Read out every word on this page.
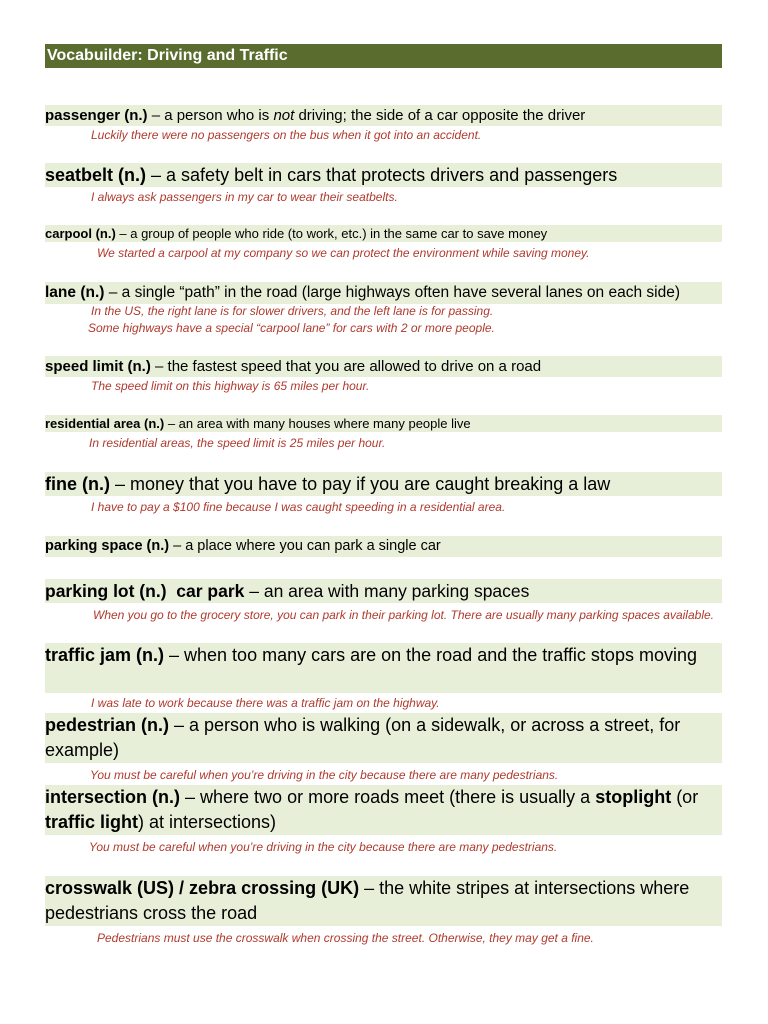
Vocabuilder: Driving and Traffic
passenger (n.) – a person who is not driving; the side of a car opposite the driver
Luckily there were no passengers on the bus when it got into an accident.
seatbelt (n.) – a safety belt in cars that protects drivers and passengers
I always ask passengers in my car to wear their seatbelts.
carpool (n.) – a group of people who ride (to work, etc.) in the same car to save money
We started a carpool at my company so we can protect the environment while saving money.
lane (n.) – a single “path” in the road (large highways often have several lanes on each side)
In the US, the right lane is for slower drivers, and the left lane is for passing.
Some highways have a special “carpool lane” for cars with 2 or more people.
speed limit (n.) – the fastest speed that you are allowed to drive on a road
The speed limit on this highway is 65 miles per hour.
residential area (n.) – an area with many houses where many people live
In residential areas, the speed limit is 25 miles per hour.
fine (n.) – money that you have to pay if you are caught breaking a law
I have to pay a $100 fine because I was caught speeding in a residential area.
parking space (n.) – a place where you can park a single car
parking lot (n.) car park – an area with many parking spaces
When you go to the grocery store, you can park in their parking lot. There are usually many parking spaces available.
traffic jam (n.) – when too many cars are on the road and the traffic stops moving
I was late to work because there was a traffic jam on the highway.
pedestrian (n.) – a person who is walking (on a sidewalk, or across a street, for example)
You must be careful when you’re driving in the city because there are many pedestrians.
intersection (n.) – where two or more roads meet (there is usually a stoplight (or traffic light) at intersections)
You must be careful when you’re driving in the city because there are many pedestrians.
crosswalk (US) / zebra crossing (UK) – the white stripes at intersections where pedestrians cross the road
Pedestrians must use the crosswalk when crossing the street. Otherwise, they may get a fine.
